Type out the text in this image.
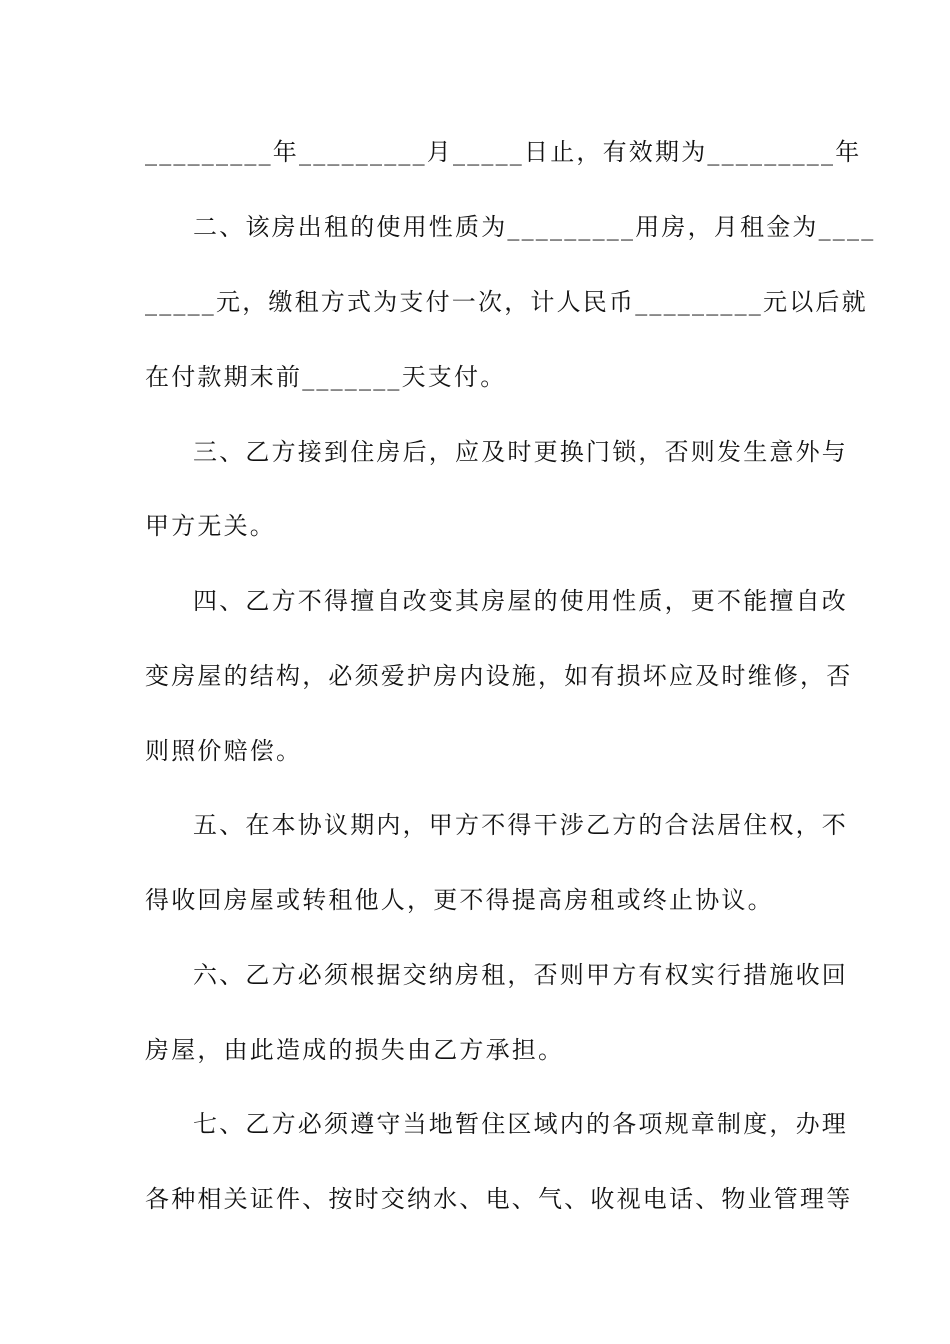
_________年_________月_____日止，有效期为_________年
二、该房出租的使用性质为_________用房，月租金为____
_____元，缴租方式为支付一次，计人民币_________元以后就
在付款期末前_______天支付。
三、乙方接到住房后，应及时更换门锁，否则发生意外与
甲方无关。
四、乙方不得擅自改变其房屋的使用性质，更不能擅自改
变房屋的结构，必须爱护房内设施，如有损坏应及时维修，否
则照价赔偿。
五、在本协议期内，甲方不得干涉乙方的合法居住权，不
得收回房屋或转租他人，更不得提高房租或终止协议。
六、乙方必须根据交纳房租，否则甲方有权实行措施收回
房屋，由此造成的损失由乙方承担。
七、乙方必须遵守当地暂住区域内的各项规章制度，办理
各种相关证件、按时交纳水、电、气、收视电话、物业管理等
